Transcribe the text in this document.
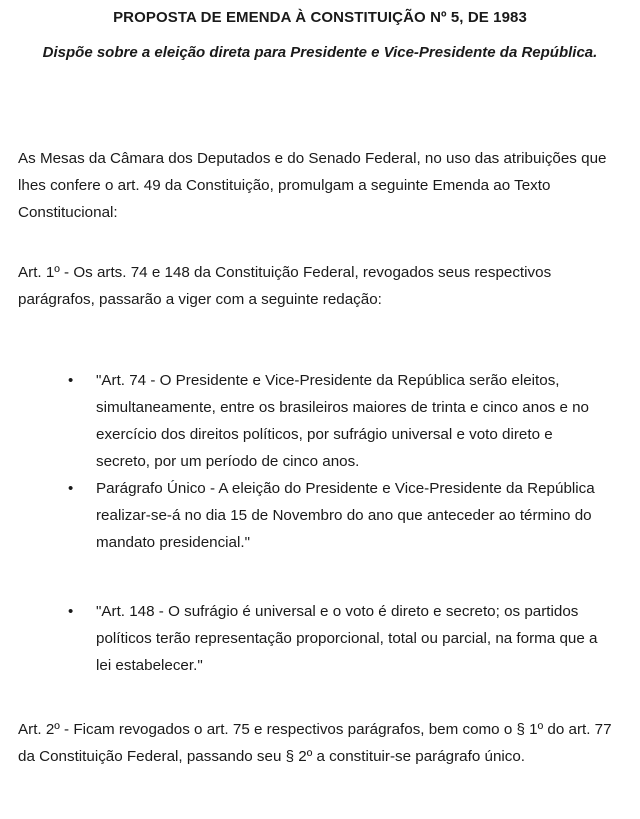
PROPOSTA DE EMENDA À CONSTITUIÇÃO Nº 5, DE 1983
Dispõe sobre a eleição direta para Presidente e Vice-Presidente da República.

As Mesas da Câmara dos Deputados e do Senado Federal, no uso das atribuições que lhes confere o art. 49 da Constituição, promulgam a seguinte Emenda ao Texto Constitucional:

Art. 1º - Os arts. 74 e 148 da Constituição Federal, revogados seus respectivos parágrafos, passarão a viger com a seguinte redação:

• "Art. 74 - O Presidente e Vice-Presidente da República serão eleitos, simultaneamente, entre os brasileiros maiores de trinta e cinco anos e no exercício dos direitos políticos, por sufrágio universal e voto direto e secreto, por um período de cinco anos.
• Parágrafo Único - A eleição do Presidente e Vice-Presidente da República realizar-se-á no dia 15 de Novembro do ano que anteceder ao término do mandato presidencial."
• "Art. 148 - O sufrágio é universal e o voto é direto e secreto; os partidos políticos terão representação proporcional, total ou parcial, na forma que a lei estabelecer."

Art. 2º - Ficam revogados o art. 75 e respectivos parágrafos, bem como o § 1º do art. 77 da Constituição Federal, passando seu § 2º a constituir-se parágrafo único.
